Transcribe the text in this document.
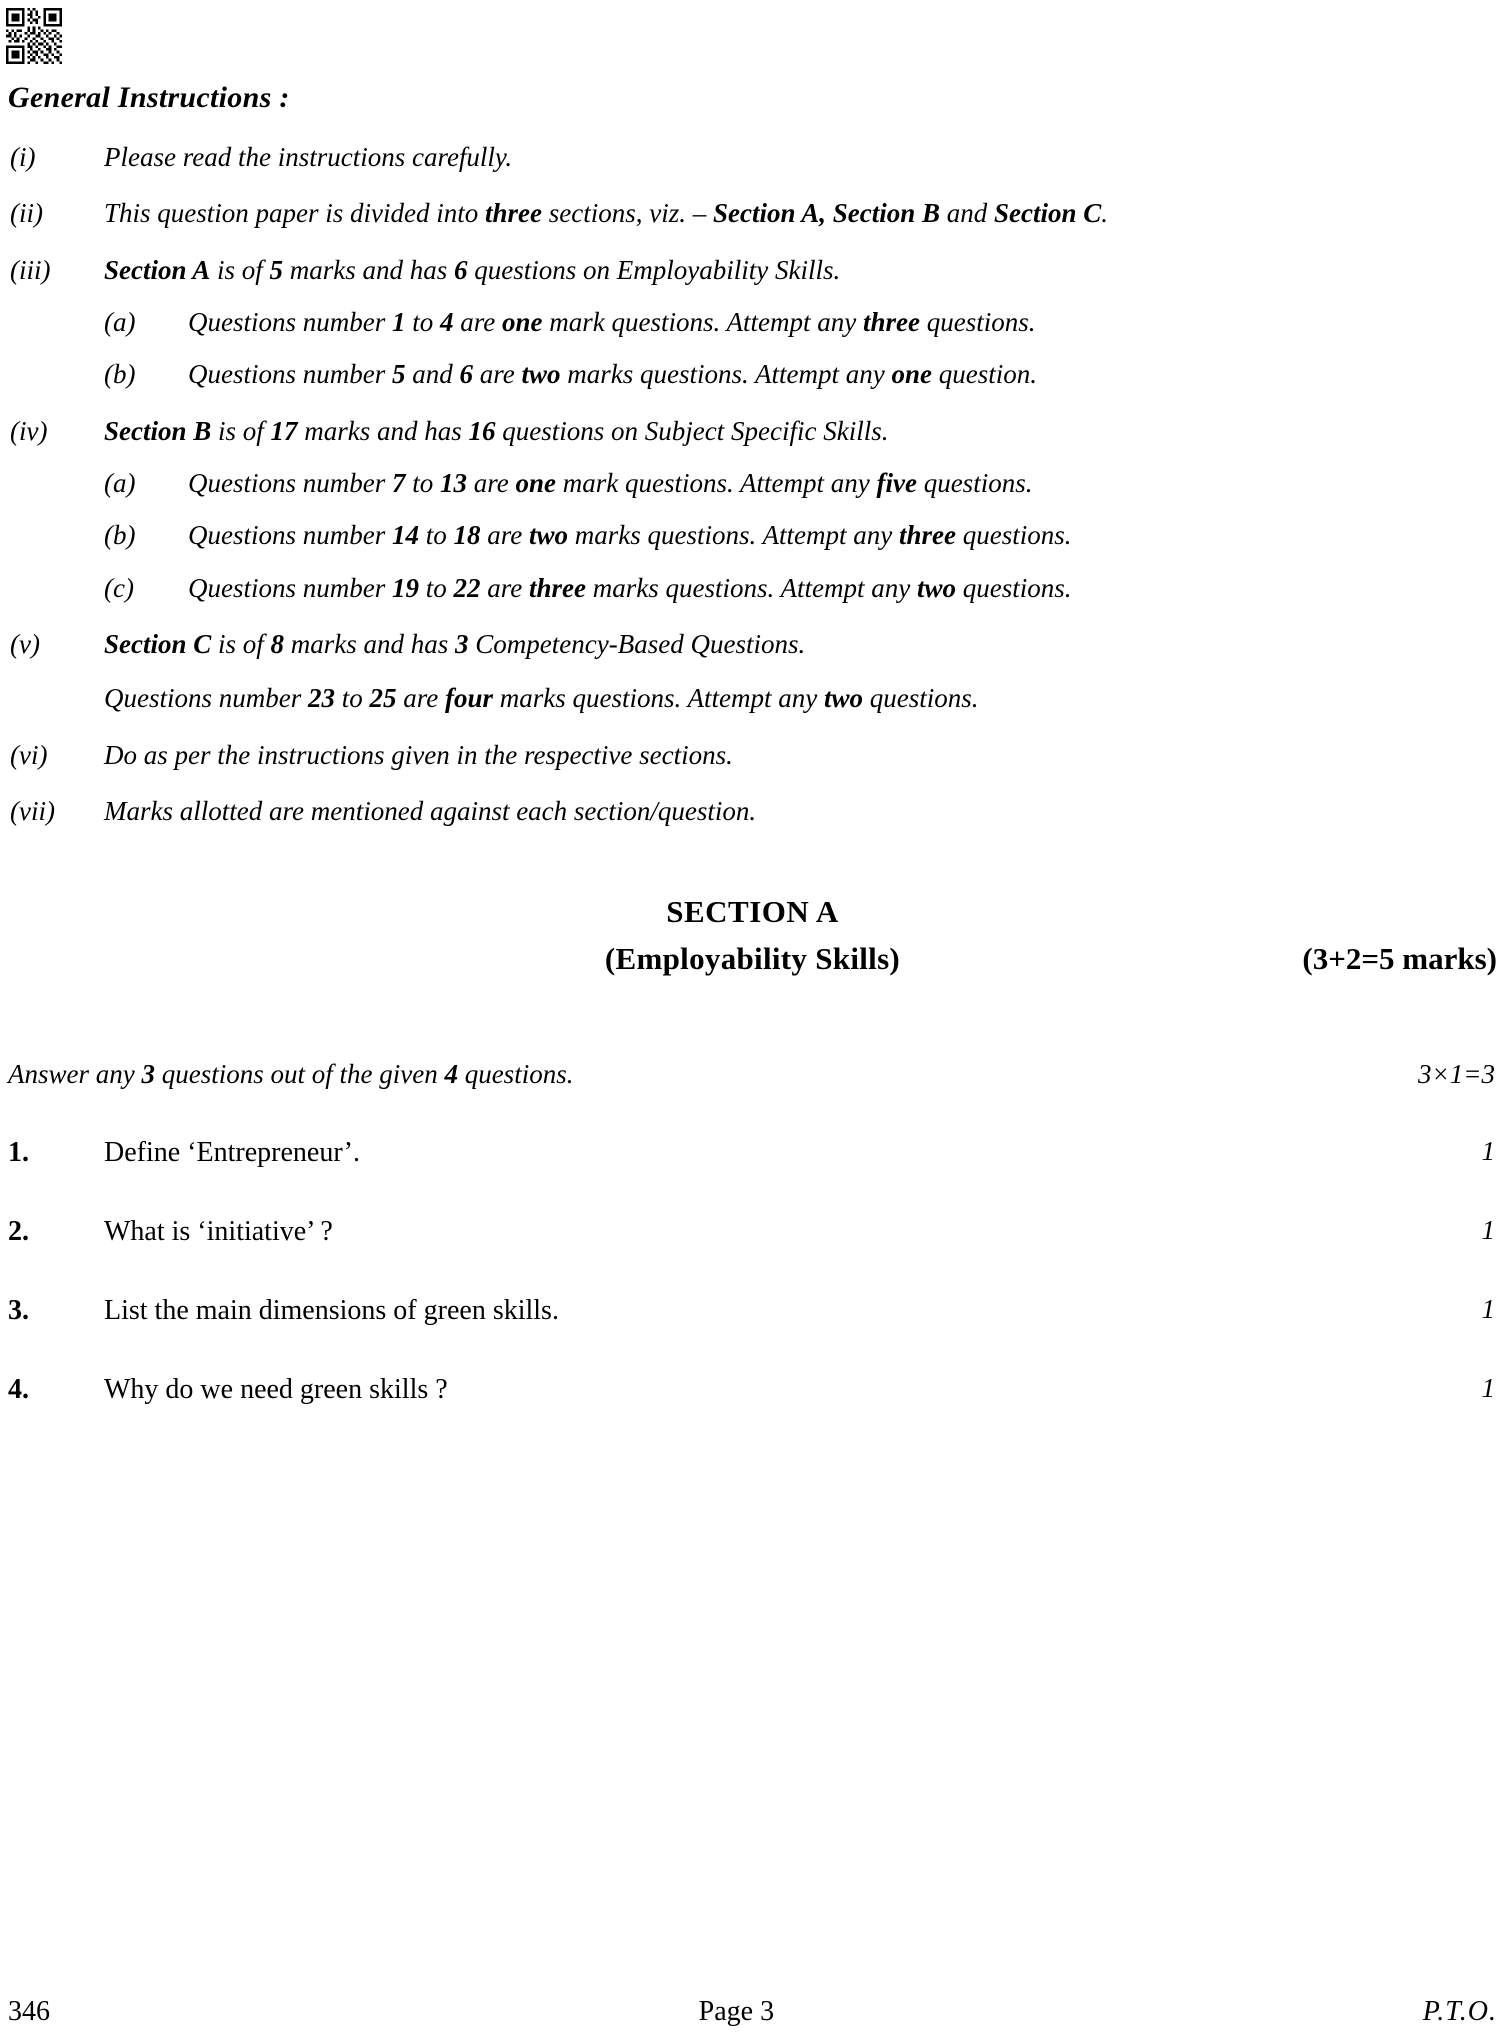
General Instructions :
(i)	Please read the instructions carefully.
(ii)	This question paper is divided into three sections, viz. – Section A, Section B and Section C.
(iii)	Section A is of 5 marks and has 6 questions on Employability Skills.
(a)	Questions number 1 to 4 are one mark questions. Attempt any three questions.
(b)	Questions number 5 and 6 are two marks questions. Attempt any one question.
(iv)	Section B is of 17 marks and has 16 questions on Subject Specific Skills.
(a)	Questions number 7 to 13 are one mark questions. Attempt any five questions.
(b)	Questions number 14 to 18 are two marks questions. Attempt any three questions.
(c)	Questions number 19 to 22 are three marks questions. Attempt any two questions.
(v)	Section C is of 8 marks and has 3 Competency-Based Questions.
Questions number 23 to 25 are four marks questions. Attempt any two questions.
(vi)	Do as per the instructions given in the respective sections.
(vii)	Marks allotted are mentioned against each section/question.
SECTION A
(Employability Skills)	(3+2=5 marks)
Answer any 3 questions out of the given 4 questions.	3×1=3
1.	Define ‘Entrepreneur’.	1
2.	What is ‘initiative’ ?	1
3.	List the main dimensions of green skills.	1
4.	Why do we need green skills ?	1
346	Page 3	P.T.O.
